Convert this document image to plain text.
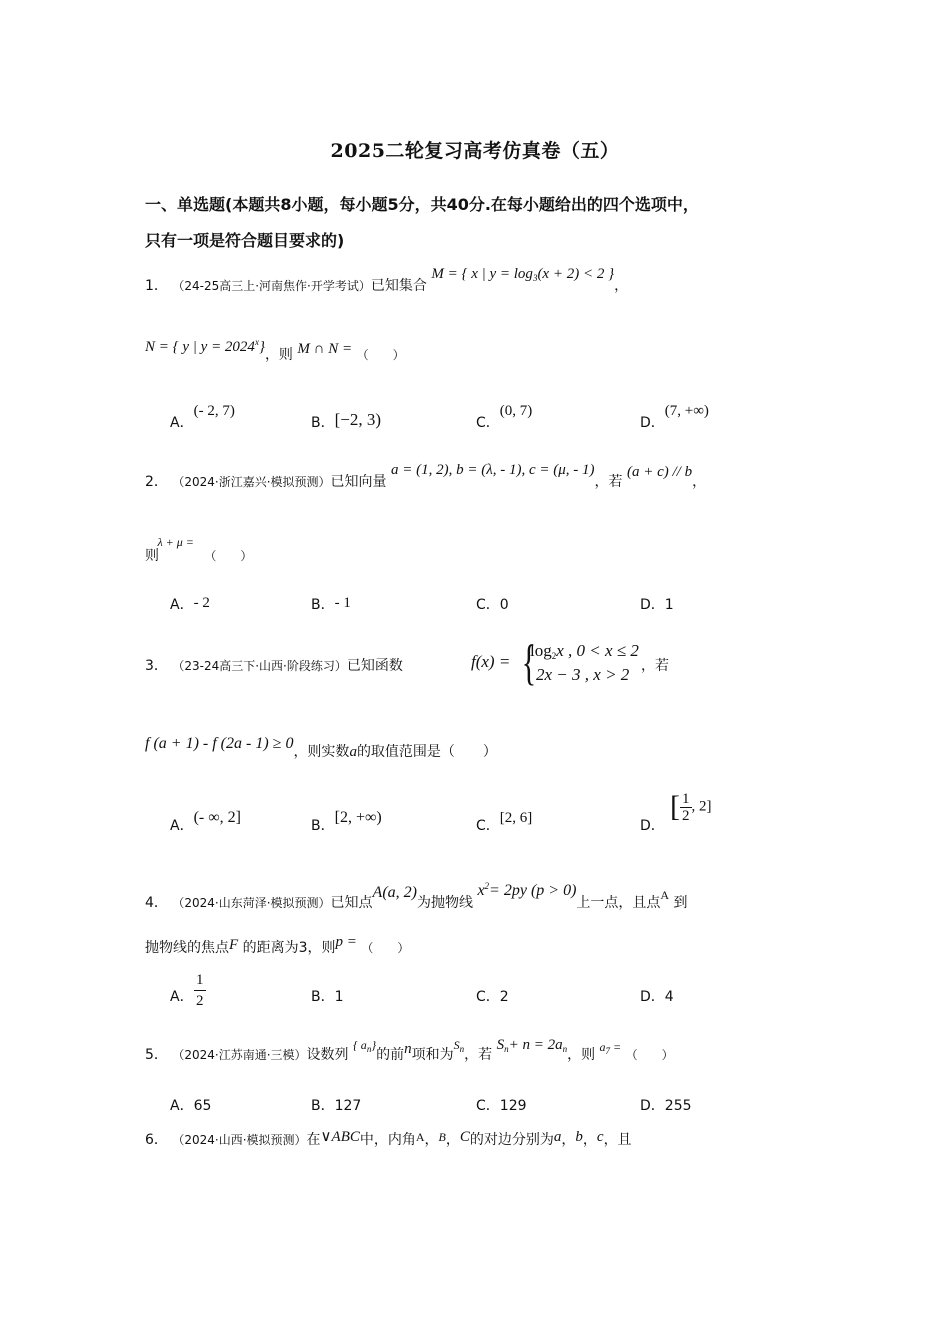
2025二轮复习高考仿真卷（五）
一、单选题(本题共8小题，每小题5分，共40分.在每小题给出的四个选项中，
只有一项是符合题目要求的)
1． （24-25高三上·河南焦作·开学考试）已知集合 M = { x | $y = \log_3(x + 2) < 2$ }，
N = { y | $y = 2024^x$}，则 M ∩ N = （　　）
A．(- 2, 7)
B．[−2, 3)	C．(0, 7)
D．(7, +∞)
2． （2024·浙江嘉兴·模拟预测）已知向量 a = (1, 2), b = (λ, - 1), c = (μ, - 1)，若 (a + c) // b，
则 λ + μ = （　　）
A．- 2	B．- 1	C．0	D．1
3． （23-24高三下·山西·阶段练习）已知函数	f(x) = {
$\log_2x$ , 0 < x ≤ 2
2x − 3 , x > 2 ，若
f (a + 1) - f (2a - 1) ≥ 0，则实数a的取值范围是（　　）
A．(- ∞, 2]	B．[2, +∞)	C．[2, 6]	D．
[ $\frac{1}{2}$ , 2]
4． （2024·山东菏泽·模拟预测）已知点A(a, 2)为抛物线 $x^2= 2py$ (p > 0)上一点，且点A 到
抛物线的焦点F 的距离为3，则p = （　　）
A． $\frac{1}{2}$	B．1	C．2	D．4
5． （2024·江苏南通·三模）设数列 { $a_n$}的前n项和为$S_n$，若 $S_n+ n = 2a_n$，则 $a_7$ = （　　）
A．65	B．127	C．129	D．255
6． （2024·山西·模拟预测）在∨ABC中，内角A，B，C的对边分别为a，b，c，且
